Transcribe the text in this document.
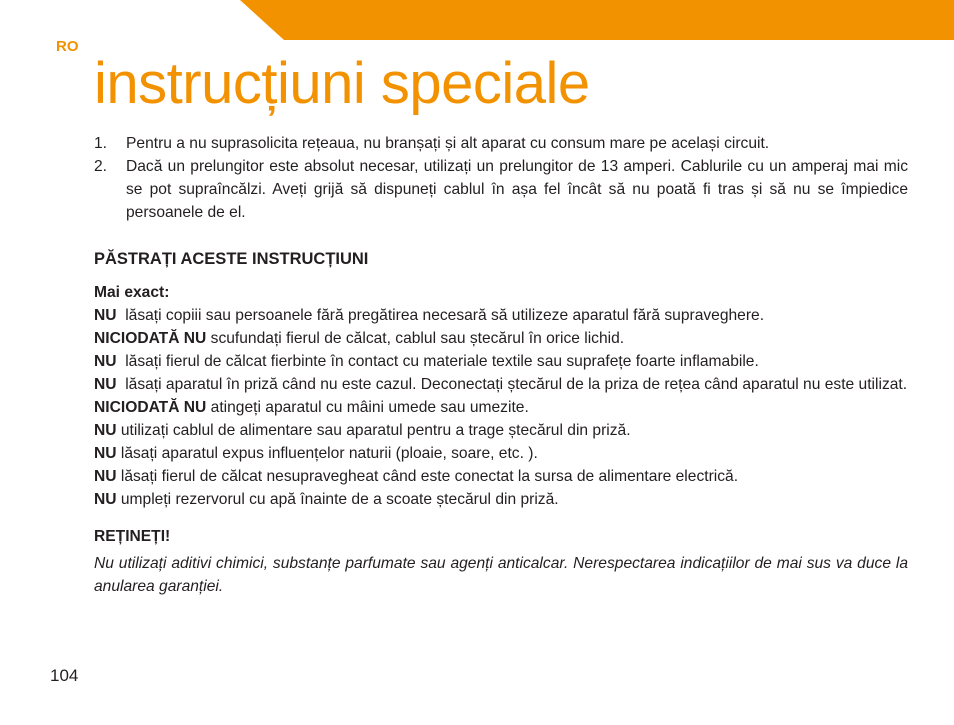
RO
instrucțiuni speciale
1.	Pentru a nu suprasolicita rețeaua, nu branșați și alt aparat cu consum mare pe același circuit.
2.	Dacă un prelungitor este absolut necesar, utilizați un prelungitor de 13 amperi. Cablurile cu un amperaj mai mic se pot supraîncălzi. Aveți grijă să dispuneți cablul în așa fel încât să nu poată fi tras și să nu se împiedice persoanele de el.
PĂSTRAȚI ACESTE INSTRUCȚIUNI
Mai exact:
NU  lăsați copiii sau persoanele fără pregătirea necesară să utilizeze aparatul fără supraveghere.
NICIODATĂ NU scufundați fierul de călcat, cablul sau ștecărul în orice lichid.
NU  lăsați fierul de călcat fierbinte în contact cu materiale textile sau suprafețe foarte inflamabile.
NU  lăsați aparatul în priză când nu este cazul. Deconectați ștecărul de la priza de rețea când aparatul nu este utilizat.
NICIODATĂ NU atingeți aparatul cu mâini umede sau umezite.
NU utilizați cablul de alimentare sau aparatul pentru a trage ștecărul din priză.
NU lăsați aparatul expus influențelor naturii (ploaie, soare, etc. ).
NU lăsați fierul de călcat nesupravegheat când este conectat la sursa de alimentare electrică.
NU umpleți rezervorul cu apă înainte de a scoate ștecărul din priză.
REȚINEȚI!
Nu utilizați aditivi chimici, substanțe parfumate sau agenți anticalcar. Nerespectarea indicațiilor de mai sus va duce la anularea garanției.
104
